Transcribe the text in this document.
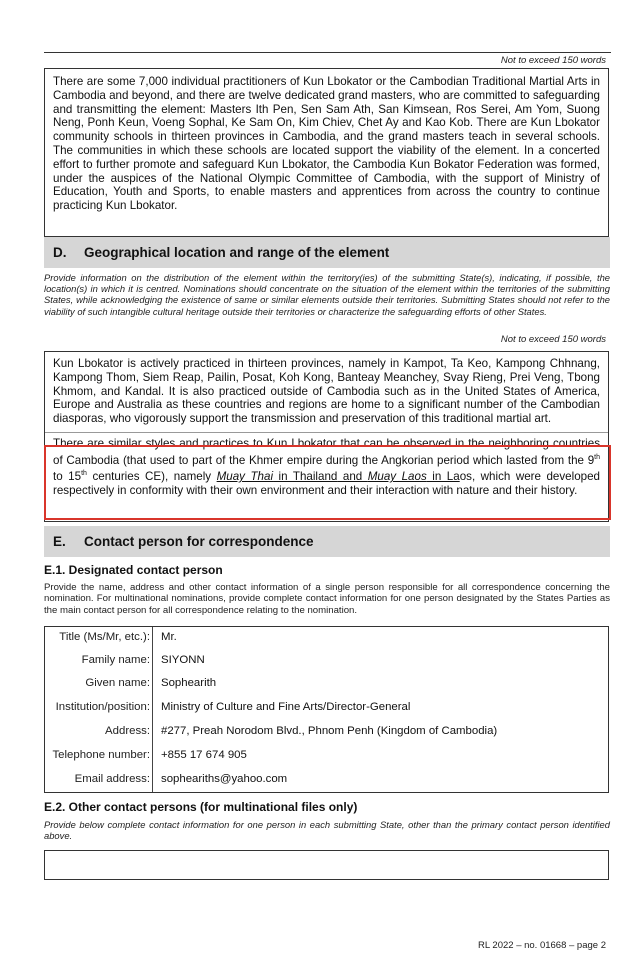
Not to exceed 150 words

There are some 7,000 individual practitioners of Kun Lbokator or the Cambodian Traditional Martial Arts in Cambodia and beyond, and there are twelve dedicated grand masters, who are committed to safeguarding and transmitting the element: Masters Ith Pen, Sen Sam Ath, San Kimsean, Ros Serei, Am Yom, Suong Neng, Ponh Keun, Voeng Sophal, Ke Sam On, Kim Chiev, Chet Ay and Kao Kob. There are Kun Lbokator community schools in thirteen provinces in Cambodia, and the grand masters teach in several schools. The communities in which these schools are located support the viability of the element. In a concerted effort to further promote and safeguard Kun Lbokator, the Cambodia Kun Bokator Federation was formed, under the auspices of the National Olympic Committee of Cambodia, with the support of Ministry of Education, Youth and Sports, to enable masters and apprentices from across the country to continue practicing Kun Lbokator.

D. Geographical location and range of the element

Provide information on the distribution of the element within the territory(ies) of the submitting State(s), indicating, if possible, the location(s) in which it is centred. Nominations should concentrate on the situation of the element within the territories of the submitting States, while acknowledging the existence of same or similar elements outside their territories. Submitting States should not refer to the viability of such intangible cultural heritage outside their territories or characterize the safeguarding efforts of other States.

Not to exceed 150 words

Kun Lbokator is actively practiced in thirteen provinces, namely in Kampot, Ta Keo, Kampong Chhnang, Kampong Thom, Siem Reap, Pailin, Posat, Koh Kong, Banteay Meanchey, Svay Rieng, Prei Veng, Tbong Khmom, and Kandal. It is also practiced outside of Cambodia such as in the United States of America, Europe and Australia as these countries and regions are home to a significant number of the Cambodian diasporas, who vigorously support the transmission and preservation of this traditional martial art.

There are similar styles and practices to Kun Lbokator that can be observed in the neighboring countries of Cambodia (that used to part of the Khmer empire during the Angkorian period which lasted from the 9th to 15th centuries CE), namely Muay Thai in Thailand and Muay Laos in Laos, which were developed respectively in conformity with their own environment and their interaction with nature and their history.

E. Contact person for correspondence
E.1. Designated contact person

Provide the name, address and other contact information of a single person responsible for all correspondence concerning the nomination. For multinational nominations, provide complete contact information for one person designated by the States Parties as the main contact person for all correspondence relating to the nomination.

Title (Ms/Mr, etc.): Mr.
Family name: SIYONN
Given name: Sophearith
Institution/position: Ministry of Culture and Fine Arts/Director-General
Address: #277, Preah Norodom Blvd., Phnom Penh (Kingdom of Cambodia)
Telephone number: +855 17 674 905
Email address: sopheariths@yahoo.com
E.2. Other contact persons (for multinational files only)

Provide below complete contact information for one person in each submitting State, other than the primary contact person identified above.

RL 2022 – no. 01668 – page 2
